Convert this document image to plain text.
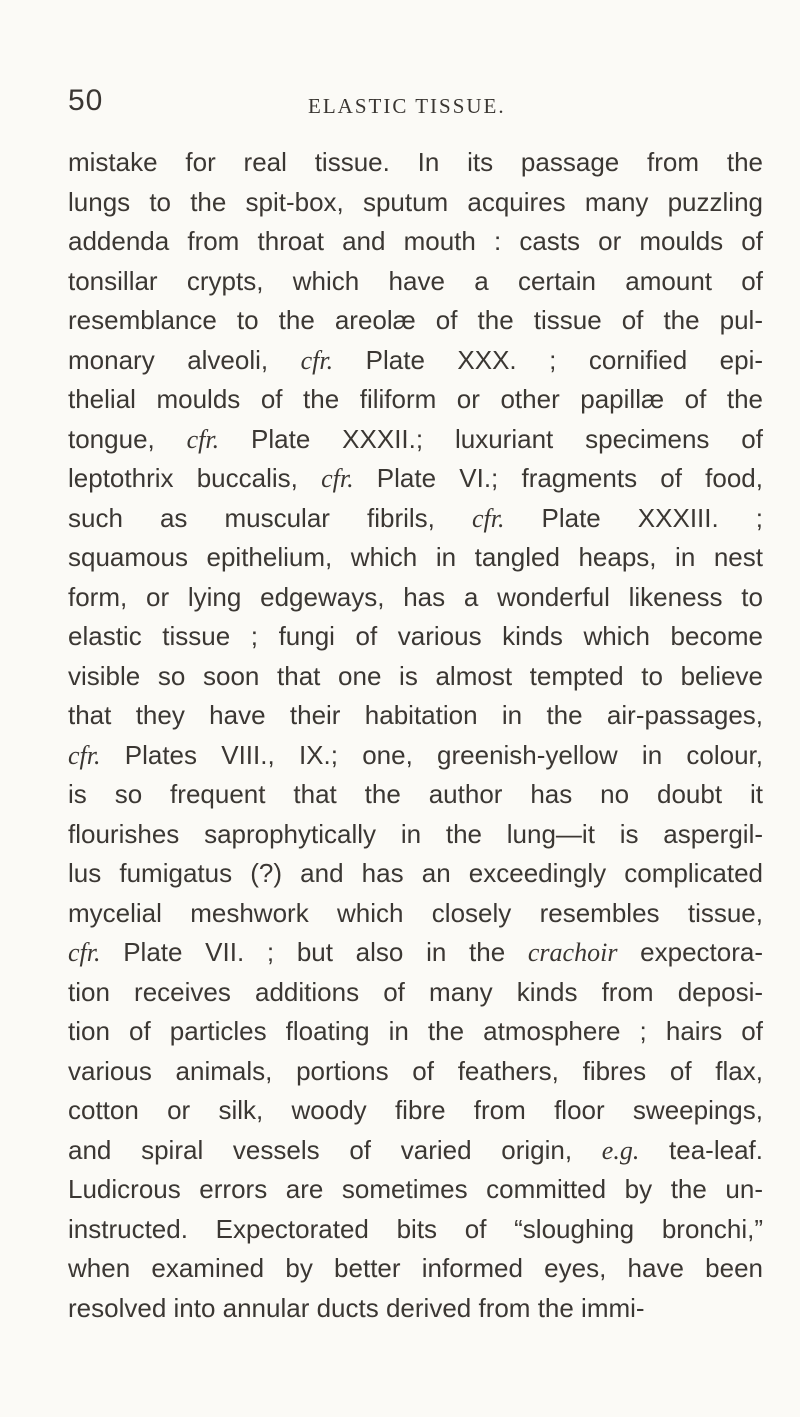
50	ELASTIC TISSUE.
mistake for real tissue. In its passage from the
lungs to the spit-box, sputum acquires many puzzling
addenda from throat and mouth : casts or moulds of
tonsillar crypts, which have a certain amount of
resemblance to the areolæ of the tissue of the pul-
monary alveoli, cfr. Plate XXX. ; cornified epi-
thelial moulds of the filiform or other papillæ of the
tongue, cfr. Plate XXXII.; luxuriant specimens of
leptothrix buccalis, cfr. Plate VI.; fragments of food,
such as muscular fibrils, cfr. Plate XXXIII. ;
squamous epithelium, which in tangled heaps, in nest
form, or lying edgeways, has a wonderful likeness to
elastic tissue ; fungi of various kinds which become
visible so soon that one is almost tempted to believe
that they have their habitation in the air-passages,
cfr. Plates VIII., IX.; one, greenish-yellow in colour,
is so frequent that the author has no doubt it
flourishes saprophytically in the lung—it is aspergil-
lus fumigatus (?) and has an exceedingly complicated
mycelial meshwork which closely resembles tissue,
cfr. Plate VII. ; but also in the crachoir expectora-
tion receives additions of many kinds from deposi-
tion of particles floating in the atmosphere ; hairs of
various animals, portions of feathers, fibres of flax,
cotton or silk, woody fibre from floor sweepings,
and spiral vessels of varied origin, e.g. tea-leaf.
Ludicrous errors are sometimes committed by the un-
instructed. Expectorated bits of “sloughing bronchi,”
when examined by better informed eyes, have been
resolved into annular ducts derived from the immi-
